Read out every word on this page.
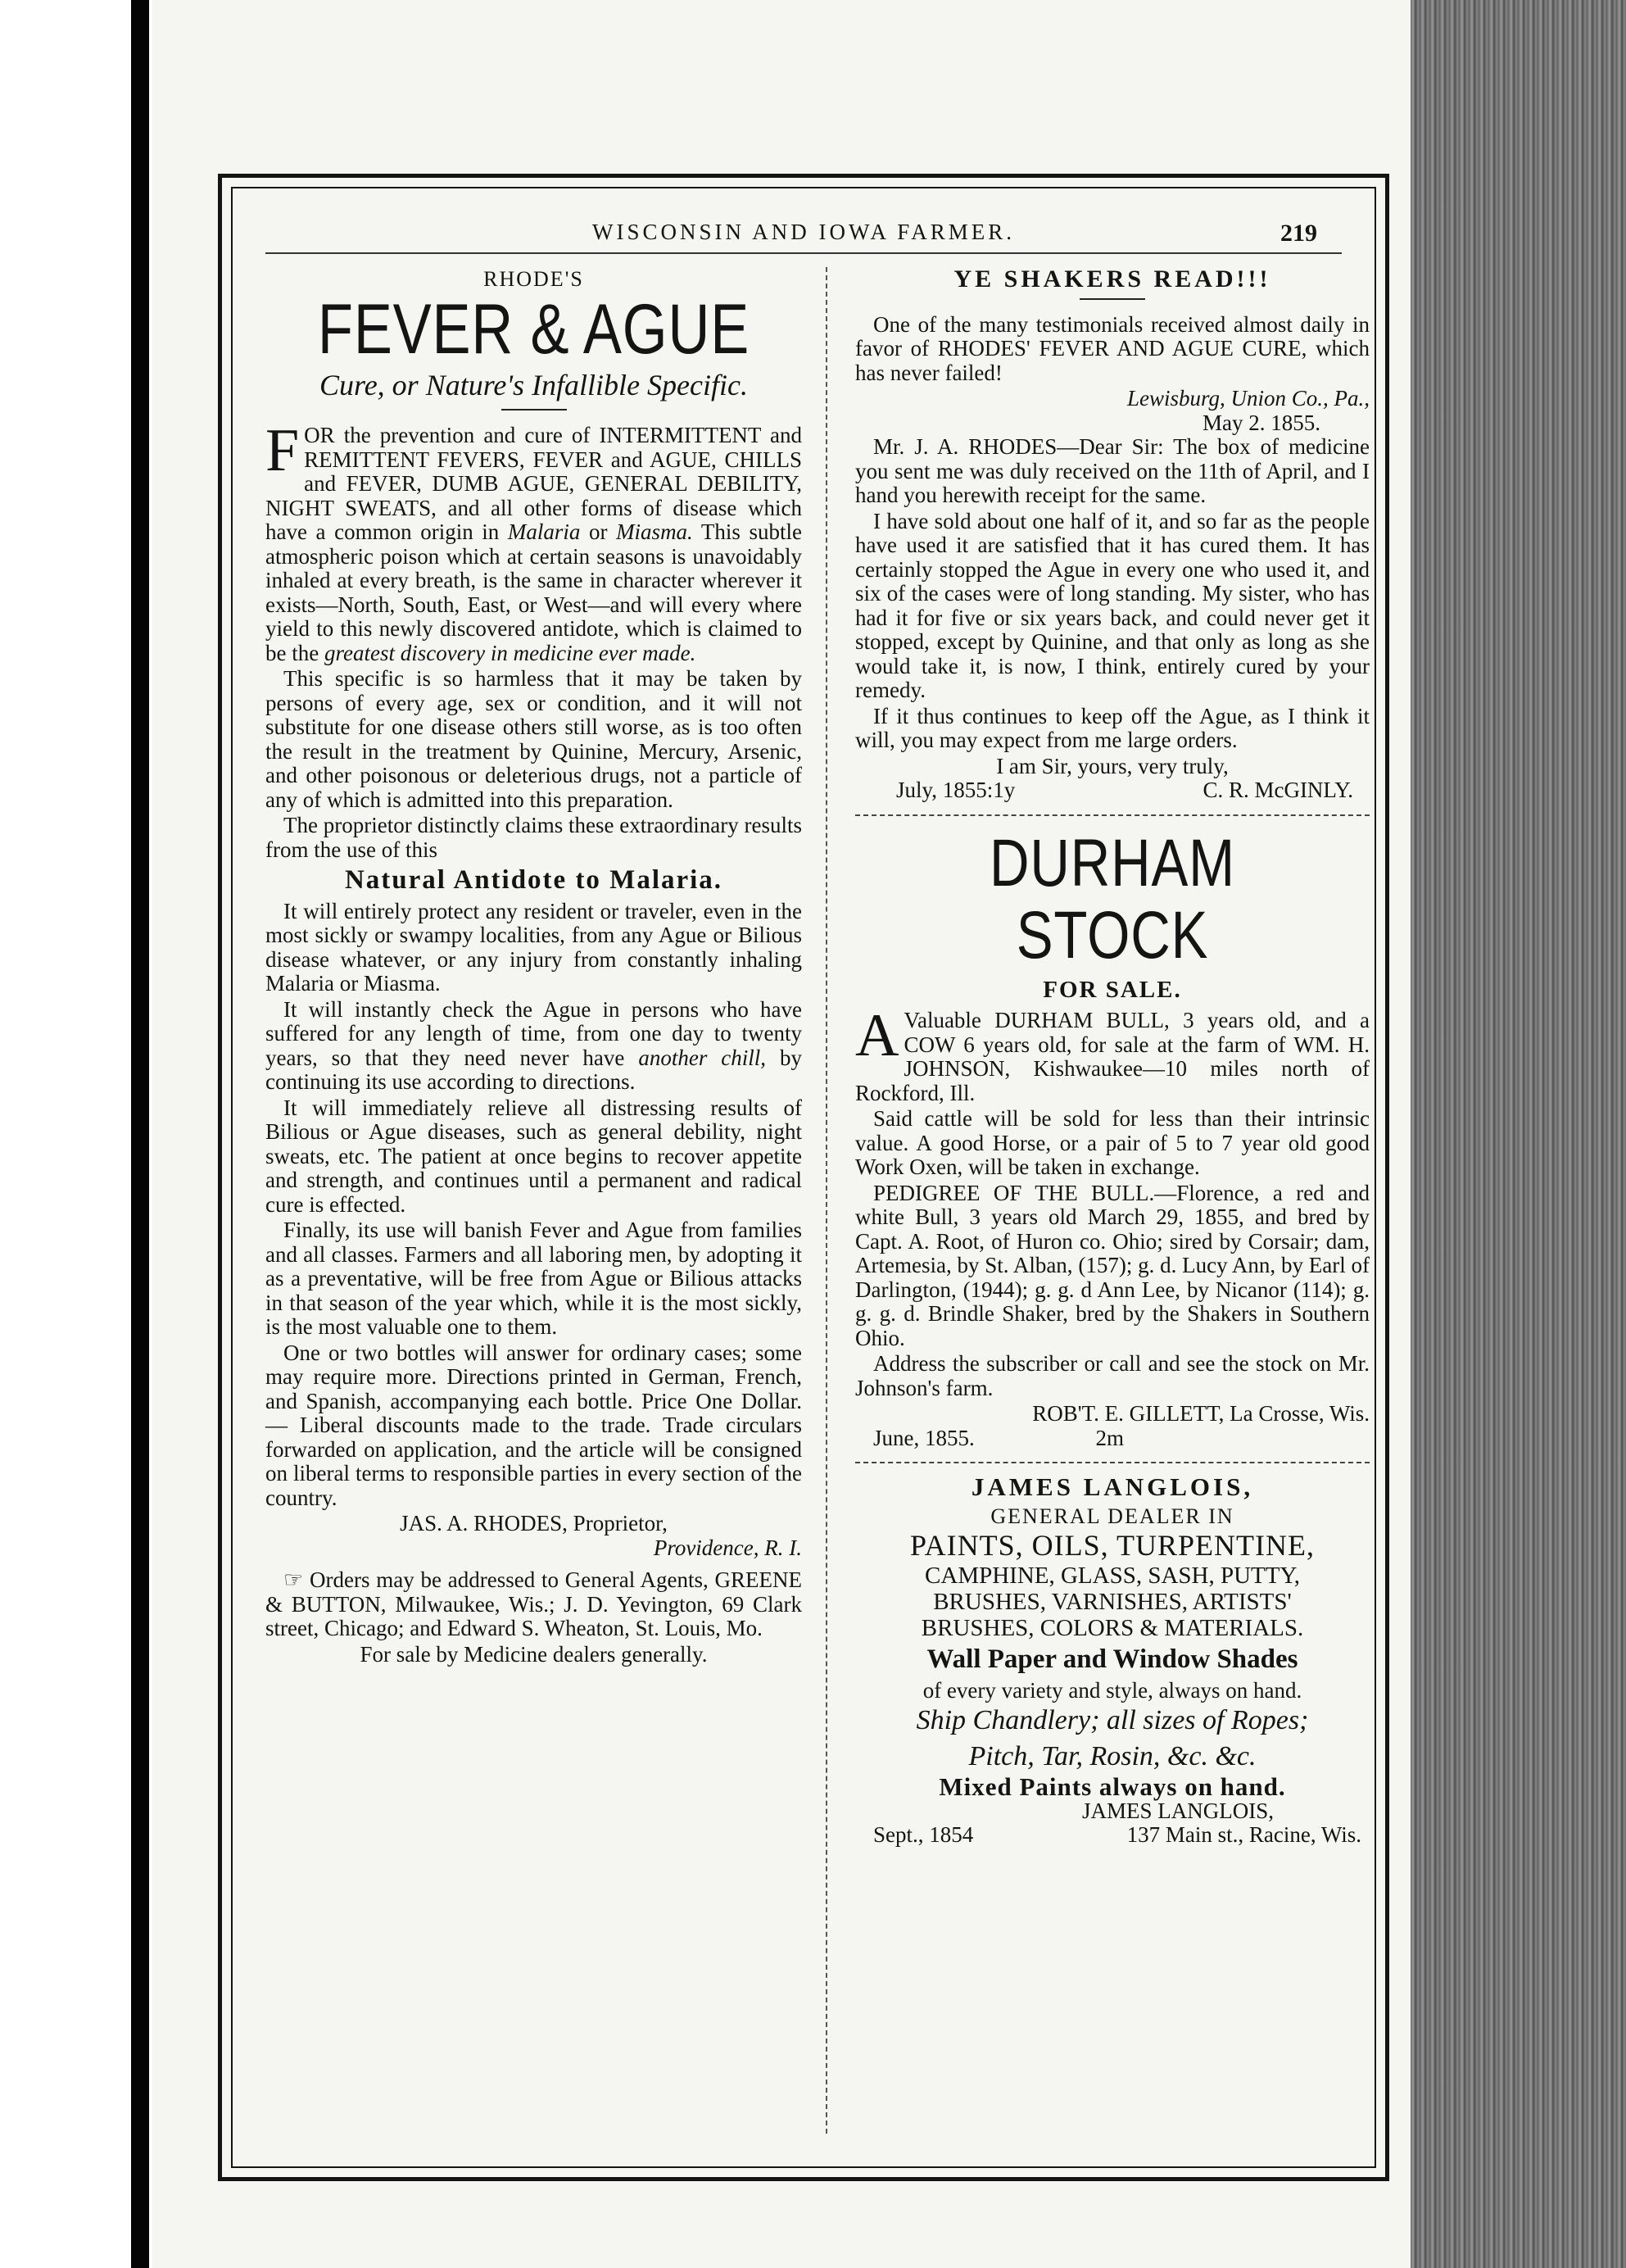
WISCONSIN AND IOWA FARMER.	219
RHODE'S
FEVER & AGUE
Cure, or Nature's Infallible Specific.

FOR the prevention and cure of INTERMITTENT and REMITTENT FEVERS, FEVER and AGUE, CHILLS and FEVER, DUMB AGUE, GENERAL DEBILITY, NIGHT SWEATS, and all other forms of disease which have a common origin in Malaria or Miasma. This subtle atmospheric poison which at certain seasons is unavoidably inhaled at every breath, is the same in character wherever it exists—North, South, East, or West—and will every where yield to this newly discovered antidote, which is claimed to be the greatest discovery in medicine ever made.

This specific is so harmless that it may be taken by persons of every age, sex or condition, and it will not substitute for one disease others still worse, as is too often the result in the treatment by Quinine, Mercury, Arsenic, and other poisonous or deleterious drugs, not a particle of any of which is admitted into this preparation.

The proprietor distinctly claims these extraordinary results from the use of this

Natural Antidote to Malaria.

It will entirely protect any resident or traveler, even in the most sickly or swampy localities, from any Ague or Bilious disease whatever, or any injury from constantly inhaling Malaria or Miasma.

It will instantly check the Ague in persons who have suffered for any length of time, from one day to twenty years, so that they need never have another chill, by continuing its use according to directions.

It will immediately relieve all distressing results of Bilious or Ague diseases, such as general debility, night sweats, etc. The patient at once begins to recover appetite and strength, and continues until a permanent and radical cure is effected.

Finally, its use will banish Fever and Ague from families and all classes. Farmers and all laboring men, by adopting it as a preventative, will be free from Ague or Bilious attacks in that season of the year which, while it is the most sickly, is the most valuable one to them.

One or two bottles will answer for ordinary cases; some may require more. Directions printed in German, French, and Spanish, accompanying each bottle. Price One Dollar.— Liberal discounts made to the trade. Trade circulars forwarded on application, and the article will be consigned on liberal terms to responsible parties in every section of the country.

JAS. A. RHODES, Proprietor,
Providence, R. I.

☞ Orders may be addressed to General Agents, GREENE & BUTTON, Milwaukee, Wis.; J. D. Yevington, 69 Clark street, Chicago; and Edward S. Wheaton, St. Louis, Mo.

For sale by Medicine dealers generally.
YE SHAKERS READ!!!

One of the many testimonials received almost daily in favor of RHODES' FEVER AND AGUE CURE, which has never failed!

Lewisburg, Union Co., Pa.,
May 2. 1855.

Mr. J. A. RHODES—Dear Sir: The box of medicine you sent me was duly received on the 11th of April, and I hand you herewith receipt for the same.

I have sold about one half of it, and so far as the people have used it are satisfied that it has cured them. It has certainly stopped the Ague in every one who used it, and six of the cases were of long standing. My sister, who has had it for five or six years back, and could never get it stopped, except by Quinine, and that only as long as she would take it, is now, I think, entirely cured by your remedy.

If it thus continues to keep off the Ague, as I think it will, you may expect from me large orders.

I am Sir, yours, very truly,
July, 1855:1y	C. R. McGINLY.
DURHAM STOCK
FOR SALE.

A Valuable DURHAM BULL, 3 years old, and a COW 6 years old, for sale at the farm of WM. H. JOHNSON, Kishwaukee—10 miles north of Rockford, Ill.

Said cattle will be sold for less than their intrinsic value. A good Horse, or a pair of 5 to 7 year old good Work Oxen, will be taken in exchange.

PEDIGREE OF THE BULL.—Florence, a red and white Bull, 3 years old March 29, 1855, and bred by Capt. A. Root, of Huron co. Ohio; sired by Corsair; dam, Artemesia, by St. Alban, (157); g. d. Lucy Ann, by Earl of Darlington, (1944); g. g. d Ann Lee, by Nicanor (114); g. g. g. d. Brindle Shaker, bred by the Shakers in Southern Ohio.

Address the subscriber or call and see the stock on Mr. Johnson's farm.

ROB'T. E. GILLETT, La Crosse, Wis.
June, 1855.	2m
JAMES LANGLOIS,
GENERAL DEALER IN
PAINTS, OILS, TURPENTINE,
CAMPHINE, GLASS, SASH, PUTTY,
BRUSHES, VARNISHES, ARTISTS'
BRUSHES, COLORS & MATERIALS.
Wall Paper and Window Shades
of every variety and style, always on hand.
Ship Chandlery; all sizes of Ropes;
Pitch, Tar, Rosin, &c. &c.
Mixed Paints always on hand.
JAMES LANGLOIS,
Sept., 1854	137 Main st., Racine, Wis.
